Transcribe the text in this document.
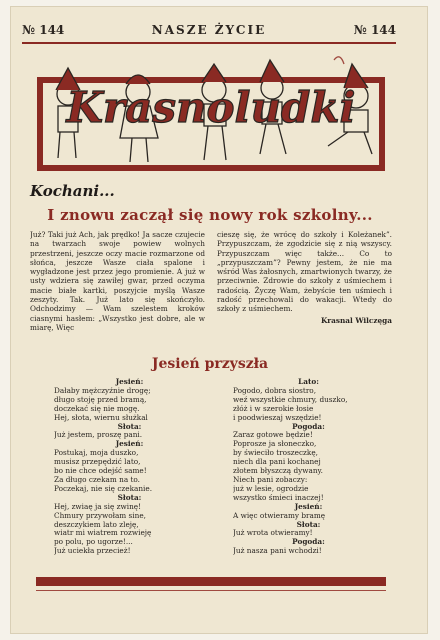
№ 144	NASZE ŻYCIE	№ 144
Krasnoludki
Kochani...
I znowu zaczął się nowy rok szkolny...

Już? Taki już Ach, jak prędko! Ja sacze czujecie na twarzach swoje powiew wolnych przestrzeni, jeszcze oczy macie rozmarzone od słońca, jeszcze Wasze ciała spalone i wygładzone jest przez jego promienie. A już w usty wdziera się zawiłej gwar, przed oczyma macie białe kartki, poszyjcie myślą Wasze zeszyty. Tak. Już lato się skończyło. Odchodzimy — Wam szelestem kroków ciasnymi hasłem: „Wszystko jest dobre, ale w miarę, Więc

cieszę się, że wrócę do szkoły i Koleżanek”. Przypuszczam, że zgodzicie się z nią wszyscy. Przypuszczam więc także... Co to „przypuszczam”? Pewny jestem, że nie ma wśród Was żałosnych, zmartwionych twarzy, że przeciwnie. Zdrowie do szkoły z uśmiechem i radością. Życzę Wam, żebyście ten uśmiech i radość przechowali do wakacji. Wtedy do szkoły z uśmiechem.

Krasnal Wilczęga
Jesień przyszła
Jesień:
Dałaby mężczyźnie drogę;
długo stoję przed bramą,
doczekać się nie mogę.
Hej, słota, wiernu służkal
Słota:
Już jestem, proszę pani.
Jesień:
Postukaj, moja duszko,
musisz przepędzić lato,
bo nie chce odejść same!
Za długo czekam na to.
Poczekaj, nie się czekanie.
Słota:
Hej, zwiaę ja się zwinę!
Chmury przywołam sine,
deszczykiem lato zleję,
wiatr mi wiatrem rozwieję
po polu, po ugorze!...
Już uciekła przecież!
Lato:
Pogodo, dobra siostro,
weź wszystkie chmury, duszko,
złóż i w szerokie łosie
i poodwieszaj wszędzie!
Pogoda:
Zaraz gotowe będzie!
Poprosze ja słoneczko,
by świeciło troszeczkę,
niech dla pani kochanej
złotem błyszczą dywany.
Niech pani zobaczy:
już w lesie, ogrodzie
wszystko śmieci inaczej!
Jesień:
A więc otwieramy bramę
Słota:
Już wrota otwieramy!
Pogoda:
Już nasza pani wchodzi!
